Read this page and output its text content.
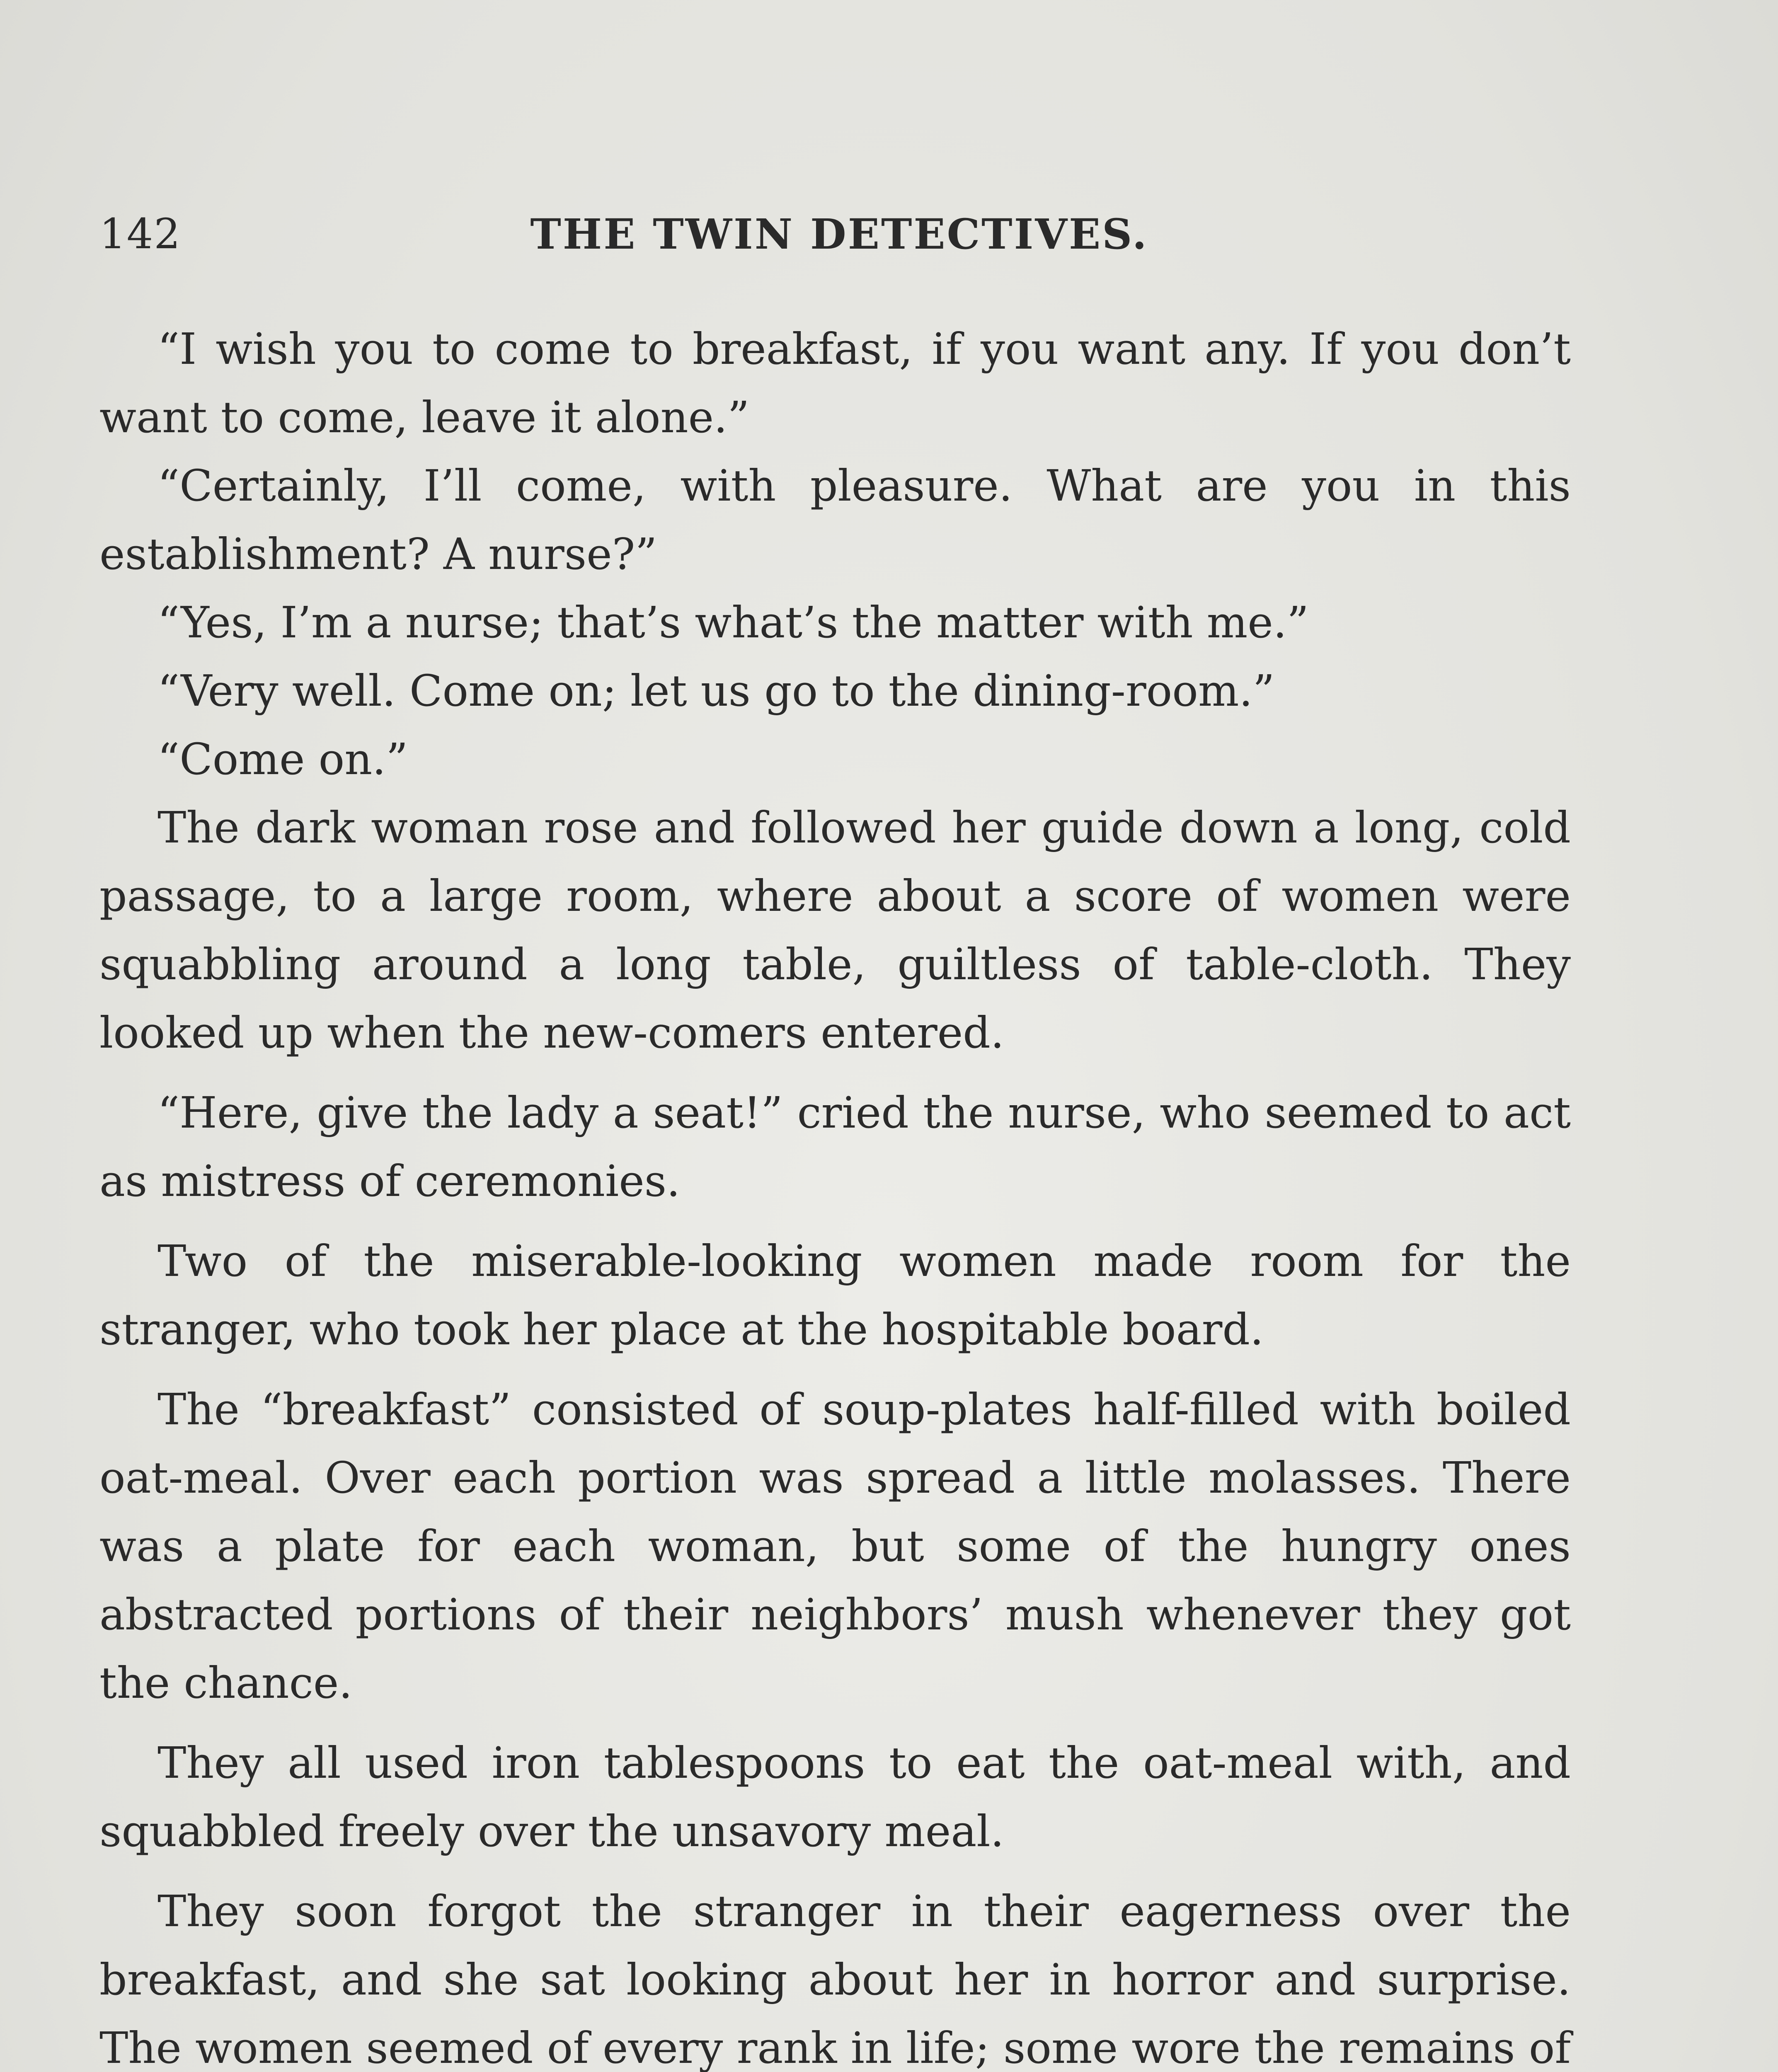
142	THE TWIN DETECTIVES.

“I wish you to come to breakfast, if you want any. If you don’t want to come, leave it alone.”

“Certainly, I’ll come, with pleasure. What are you in this establishment? A nurse?”

“Yes, I’m a nurse; that’s what’s the matter with me.”

“Very well. Come on; let us go to the dining-room.”

“Come on.”

The dark woman rose and followed her guide down a long, cold passage, to a large room, where about a score of women were squabbling around a long table, guiltless of table-cloth. They looked up when the new-comers entered.

“Here, give the lady a seat!” cried the nurse, who seemed to act as mistress of ceremonies.

Two of the miserable-looking women made room for the stranger, who took her place at the hospitable board.

The “breakfast” consisted of soup-plates half-filled with boiled oat-meal. Over each portion was spread a little molasses. There was a plate for each woman, but some of the hungry ones abstracted portions of their neighbors’ mush whenever they got the chance.

They all used iron tablespoons to eat the oat-meal with, and squabbled freely over the unsavory meal.

They soon forgot the stranger in their eagerness over the breakfast, and she sat looking about her in horror and surprise. The women seemed of every rank in life; some wore the remains of
